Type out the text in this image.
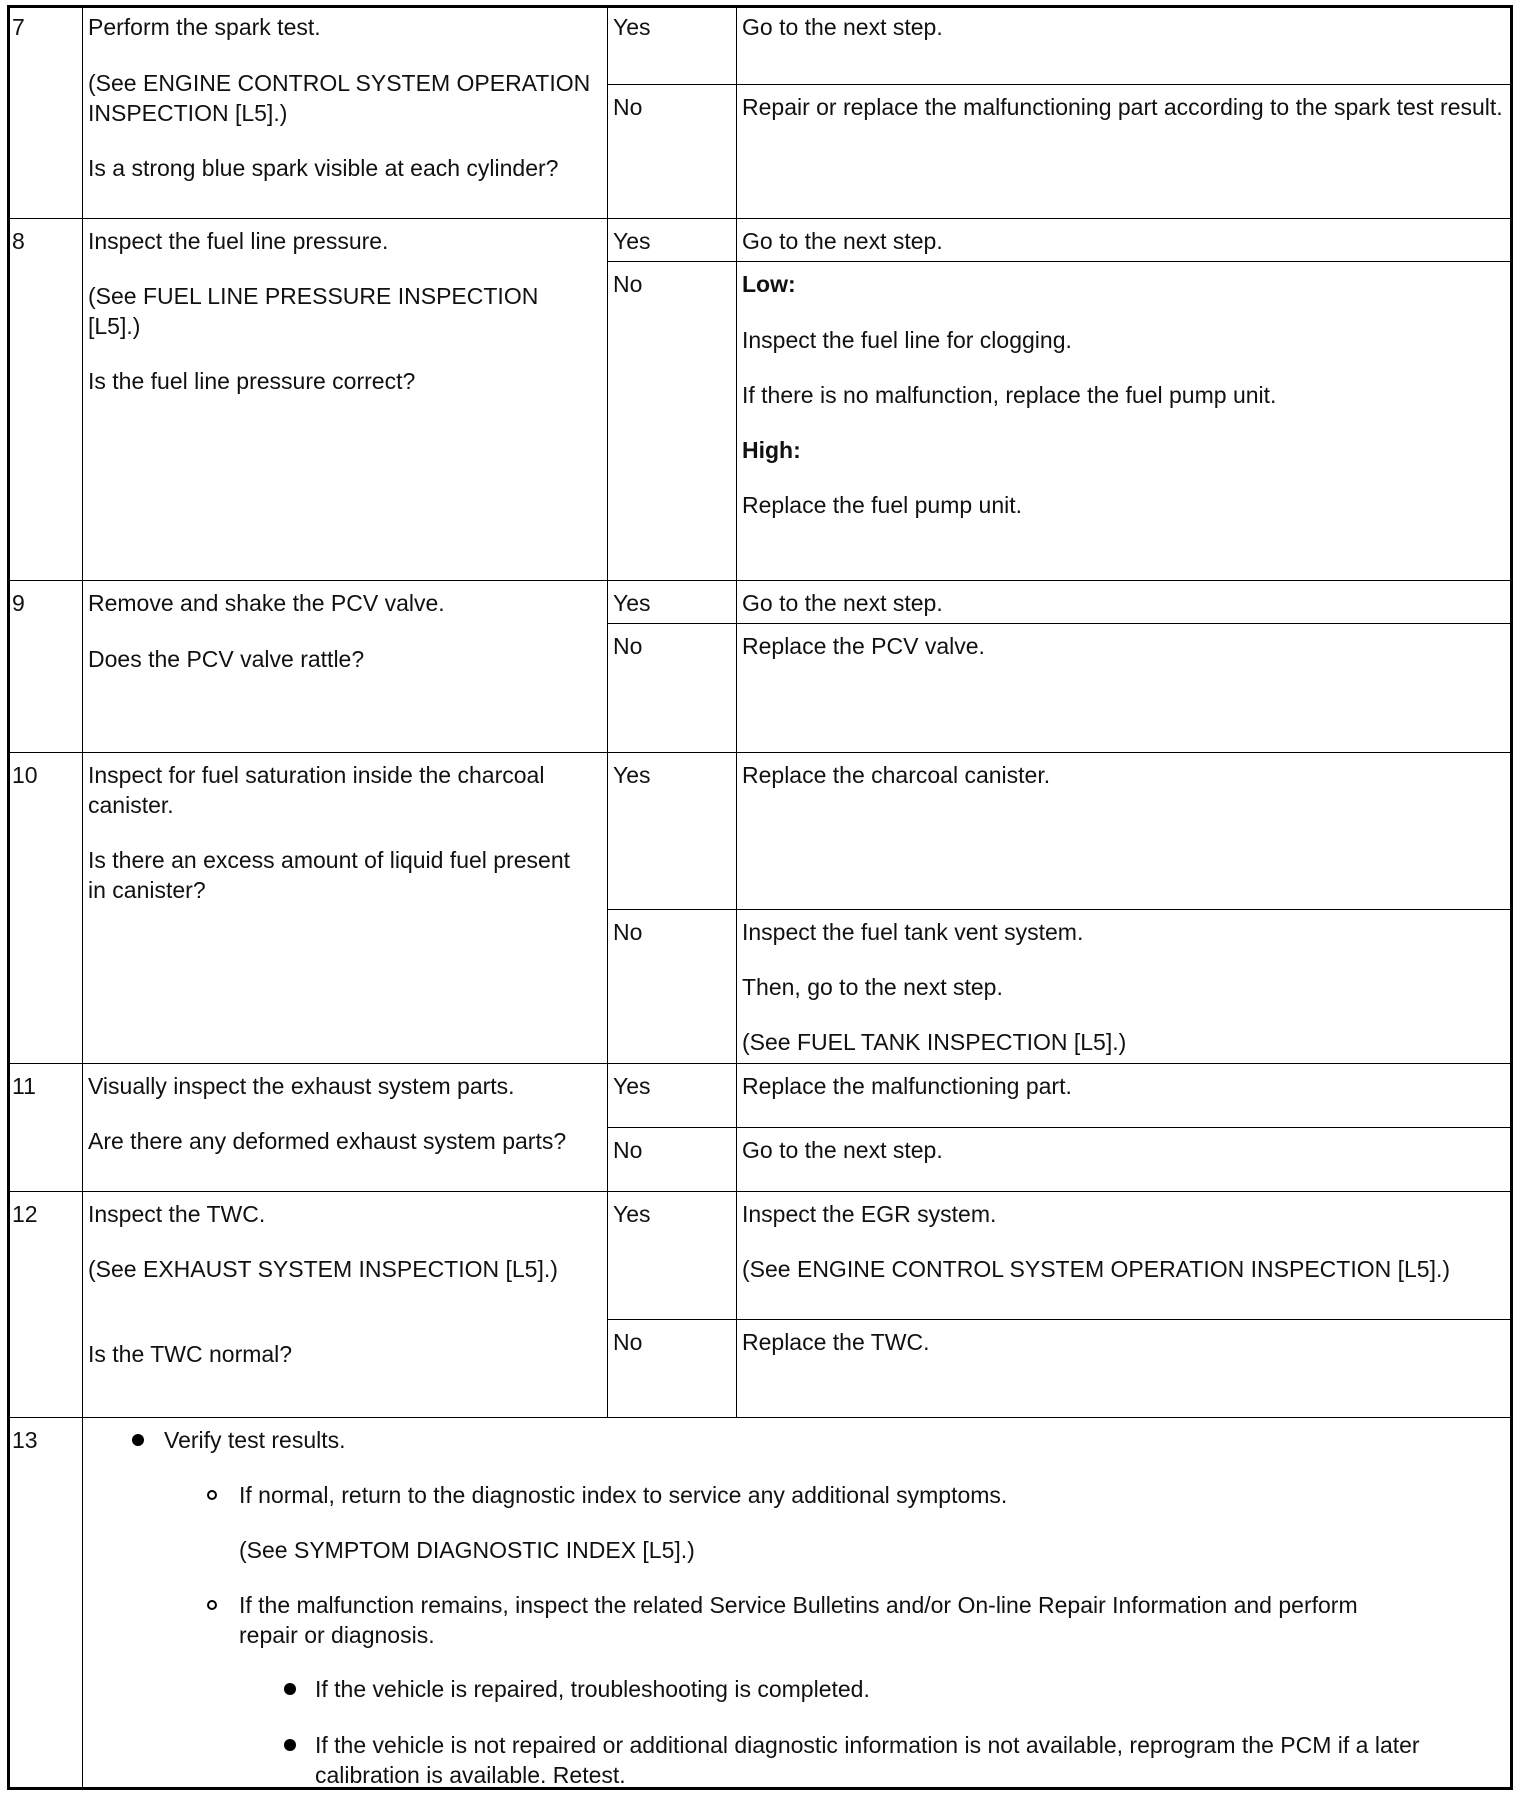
7	Perform the spark test.
(See ENGINE CONTROL SYSTEM OPERATION INSPECTION [L5].)
Is a strong blue spark visible at each cylinder?
Yes	Go to the next step.
No	Repair or replace the malfunctioning part according to the spark test result.
8	Inspect the fuel line pressure.
(See FUEL LINE PRESSURE INSPECTION [L5].)
Is the fuel line pressure correct?
Yes	Go to the next step.
No	Low:
Inspect the fuel line for clogging.
If there is no malfunction, replace the fuel pump unit.
High:
Replace the fuel pump unit.
9	Remove and shake the PCV valve.
Does the PCV valve rattle?
Yes	Go to the next step.
No	Replace the PCV valve.
10 Inspect for fuel saturation inside the charcoal canister.
Is there an excess amount of liquid fuel present in canister?
Yes	Replace the charcoal canister.
No	Inspect the fuel tank vent system.
Then, go to the next step.
(See FUEL TANK INSPECTION [L5].)
11 Visually inspect the exhaust system parts.
Are there any deformed exhaust system parts?
Yes	Replace the malfunctioning part.
No	Go to the next step.
12 Inspect the TWC.
(See EXHAUST SYSTEM INSPECTION [L5].)
Is the TWC normal?
Yes	Inspect the EGR system.
(See ENGINE CONTROL SYSTEM OPERATION INSPECTION [L5].)
No	Replace the TWC.
13	Verify test results.
If normal, return to the diagnostic index to service any additional symptoms.
(See SYMPTOM DIAGNOSTIC INDEX [L5].)
If the malfunction remains, inspect the related Service Bulletins and/or On-line Repair Information and perform repair or diagnosis.
If the vehicle is repaired, troubleshooting is completed.
If the vehicle is not repaired or additional diagnostic information is not available, reprogram the PCM if a later calibration is available. Retest.
